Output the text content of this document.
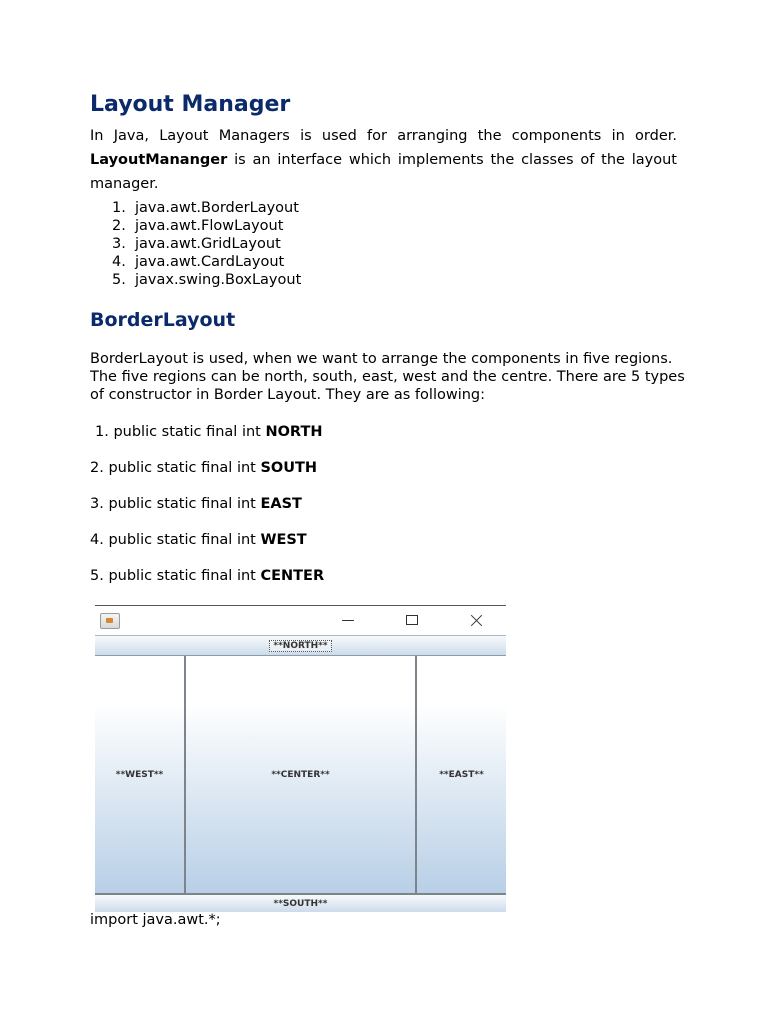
Layout Manager

In Java, Layout Managers is used for arranging the components in order. LayoutMananger is an interface which implements the classes of the layout manager.

1. java.awt.BorderLayout
2. java.awt.FlowLayout
3. java.awt.GridLayout
4. java.awt.CardLayout
5. javax.swing.BoxLayout
BorderLayout

BorderLayout is used, when we want to arrange the components in five regions. The five regions can be north, south, east, west and the centre. There are 5 types of constructor in Border Layout. They are as following:

1. public static final int NORTH

2. public static final int SOUTH

3. public static final int EAST

4. public static final int WEST

5. public static final int CENTER

**NORTH**
**WEST**	**CENTER**	**EAST**
**SOUTH**

import java.awt.*;
